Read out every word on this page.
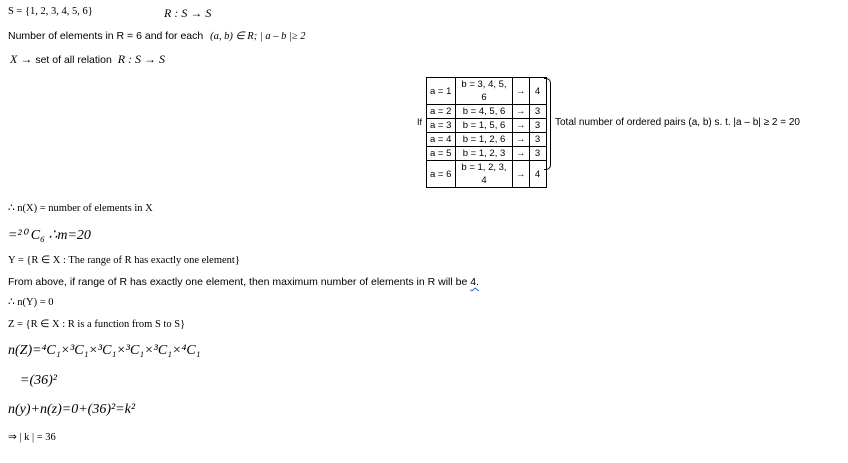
S = {1, 2, 3, 4, 5, 6}	R : S → S
Number of elements in R = 6 and for each (a, b) ∈ R; | a – b |≥ 2
X → set of all relation R : S → S
If
a = 1	b = 3, 4, 5, 6	→	4
a = 2	b = 4, 5, 6	→	3
a = 3	b = 1, 5, 6	→	3
a = 4	b = 1, 2, 6	→	3
a = 5	b = 1, 2, 3	→	3
a = 6	b = 1, 2, 3, 4	→	4
Total number of ordered pairs (a, b) s. t. |a – b| ≥ 2 = 20
∴ n(X) = number of elements in X
=²⁰ C₆ ∴m=20
Y = {R ∈ X : The range of R has exactly one element}
From above, if range of R has exactly one element, then maximum number of elements in R will be 4.
∴ n(Y) = 0
Z = {R ∈ X : R is a function from S to S}
n(Z)=⁴C₁×³C₁×³C₁×³C₁×³C₁×⁴C₁
=(36)²
n(y)+n(z)=0+(36)²=k²
⇒ | k | = 36
